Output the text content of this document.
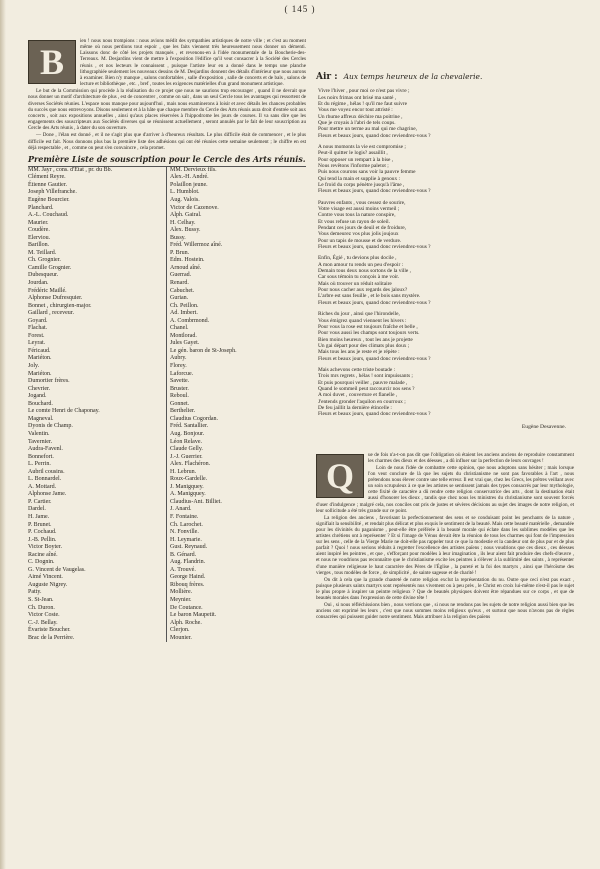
( 145 )
B

ien ! nous nous trompions : nous avions médit des sympathies artistiques de notre ville ; et c'est au moment même où nous perdions tout espoir , que les faits viennent très heureusement nous donner un démenti. Laissons donc de côté les projets manqués , et revenons-en à l'idée monumentale de la Boucherie-des-Terreaux. M. Desjardins vient de mettre à l'exposition l'édifice qu'il veut consacrer à la Société des Cercles réunis , et nos lecteurs le connaissent , puisque l'artiste leur en a donné dans le temps une planche lithographiée seulement les nouveaux dessins de M. Desjardins donnent des détails d'intérieur que nous aurons à examiner. Bien n'y manque , salons confortables , salle d'exposition , salle de concerts et de bals , salons de lecture et bibliothèque , etc. , bref , toutes les exigences matérielles d'un grand monument artistique.

Le but de la Commission qui procède à la réalisation du ce projet que nous ne saurions trop encourager , quand il ne devrait que nous donner un motif d'architecture de plus , est de concentrer , comme on sait , dans un seul Cercle tous les avantages qui ressortent de diverses Sociétés réunies. L'espace nous manque pour aujourd'hui , mais nous examinerons à loisir et avec détails les chances probables du succès que nous entrevoyons. Disons seulement et à la hâte que chaque membre du Cercle des Arts réunis aura droit d'entrée soit aux concerts , soit aux expositions annuelles , ainsi qu'aux places réservées à l'hippodrome les jours de courses. Il va sans dire que les engagements des souscripteurs aux Sociétés diverses qui se réunissent actuellement , seront annulés par le fait de leur souscription au Cercle des Arts réunis , à dater du son ouverture.

— Done , l'élan est donné , et il ne s'agit plus que d'arriver à d'heureux résultats. Le plus difficile était de commencer , et le plus difficile est fait. Nous donnons plus bas la première liste des adhésions qui ont été réunies cette semaine seulement ; le chiffre en est déjà respectable , et , comme on peut s'en convaincre , cela promet.

Première Liste de souscription pour le Cercle des Arts réunis.
MM. Jayr , cons. d'État , pr. du Bb.
Clément Reyre.
Étienne Gautier.
Joseph Villefranche.
Eugène Bourcier.
Planchard.
A.-L. Couchaud.
Maurier.
Coudère.
Elerviou.
Barillon.
M. Teillard.
Ch. Grognier.
Camille Grognier.
Dubesqueur.
Jourdan.
Frédéric Maillé.
Alphonse Dufresquier.
Bonnet , chirurgien-major.
Gaillard , receveur.
Goyard.
Flachat.
Forest.
Leyrat.
Féricaud.
Mariéton.
Joly.
Mariéton.
Dumortier frères.
Chevrier.
Jogand.
Bouchard.
Le comte Henri de Chaponay.
Magneval.
Dyonis de Champ.
Valentin.
Tavernier.
Audra-Favenl.
Bonnefort.
L. Perrin.
Aubril cousins.
L. Bonnardel.
A. Mottard.
Alphonse Jame.
P. Cartier.
Dardel.
H. Jame.
P. Brunet.
P. Cochaud.
J.-B. Pellin.
Victor Boyter.
Racine aîné.
C. Dognin.
G. Vincent de Vaugelas.
Aimé Vincent.
Auguste Nigrey.
Patty.
S. St-Jean.
Ch. Duron.
Victor Coste.
C.-J. Bellay.
Évariste Boucher.
Brac de la Perrière.
MM. Dervieux fils.
Alex.-H. André.
Polaillon jeune.
L. Humblot.
Aug. Valois.
Victor de Cazenove.
Alph. Gairal.
H. Celhay.
Alex. Bussy.
Bussy.
Fréd. Willermoz aîné.
P. Brun.
Edm. Hostein.
Arnoud aîné.
Guerrad.
Renard.
Cabuchet.
Gurian.
Ch. Peillon.
Ad. Imbert.
A. Combrmond.
Chanel.
Montlorad.
Jules Gayet.
Le gén. baron de St-Joseph.
Aubry.
Florey.
Laforcue.
Savette.
Bruster.
Reboul.
Gonnet.
Berthelier.
Claudius Cogordan.
Fréd. Santallier.
Aug. Bonjour.
Léon Relave.
Claude Gelly.
J.-J. Guerrier.
Alex. Flachéron.
H. Lebrun.
Roux-Gardelle.
J. Manigquey.
A. Manigquey.
Claudius-Ant. Billiet.
J. Anard.
F. Fontaine.
Ch. Larochet.
N. Fonville.
H. Leymarie.
Gust. Reynaud.
B. Génard.
Aug. Flandrin.
A. Trouvé.
George Haind.
Ribouq frères.
Mollière.
Meynier.
De Coutance.
Le baron Maupetit.
Alph. Roche.
Clerjon.
Mounier.
Air : Aux temps heureux de la chevalerie.
Vivre l'hiver , pour moi ce n'est pas vivre ;
Les noirs frimas ont brisé ma santé ,
Et du régime , hélas ! qu'il me faut suivre
Vous me voyez encor tout attristé :
Un rhume affreux déchire ma poitrine ,
Que je croyais à l'abri de tels coups.
Pour mettre un terme au mal qui me chagrine,
Fleurs et beaux jours, quand donc reviendrez-vous ?
A nous momonts la vie est compromise ;
Peut-il quitter le logis? assaillit ,
Pour opposer un rempart à la bise ,
Nous revêtons l'informe paletot ;
Puis nous courons sans voir la pauvre femme
Qui tend la main et supplie à genoux :
Le froid du corps pénètre jusqu'à l'âme ,
Fleurs et beaux jours, quand donc reviendrez-vous ?
Pauvres enfants , vous cessez de sourire,
Votre visage est aussi moins vermeil ;
Contre vous tous la nature conspire,
Et vous refuse un rayon de soleil.
Pendant ces jours de deuil et de froidure,
Vous demeurez vos plus jolis joujoux
Pour un tapis de mousse et de verdure.
Fleurs et beaux jours, quand donc reviendrez-vous ?
Enfin, Égié , tu devions plus docile ,
A mon amour tu rends un peu d'espoir :
Demain tous deux nous sortons de la ville ,
Car sous témoin tu conçois à me voir.
Mais où trouver un réduit solitaire
Pour nous cacher aux regards des jaloux?
L'arbre est sans feuille , et le bois sans mystère.
Fleurs et beaux jours, quand donc reviendrez-vous ?
Riches du jour , ainsi que l'hirondelle,
Vous émigrez quand viennent les hivers :
Pour vous la rose est toujours fraîche et belle ,
Pour vous aussi les champs sont toujours verts.
Bien moins heureux , tout les ans je projette
Un gai départ pour des climats plus doux ;
Mais tous les ans je reste et je répète :
Fleurs et beaux jours, quand donc reviendrez-vous ?
Mais achevons cette triste boutade :
Trois mrs regrets , hélas ! sont impuissants ;
Et puis pourquoi veiller , pauvre malade ,
Quand le sommeil peut raccourcir nos sens ?
A moi duvet , couverture et flanelle ,
J'entends gronder l'aquilon en courroux ;
De feu jaillit la dernière étincelle :
Fleurs et beaux jours, quand donc reviendrez-vous ?
Eugène Desavenne.
Q

ue de fois n'a-t-on pas dit que l'obligation où étaient les anciens anciens de reproduire constamment les charmes des dieux et des déesses , a dû influer sur la perfection de leurs ouvrages !

Loin de nous l'idée de combattre cette opinion, que nous adoptons sans hésiter ; mais lorsque l'on veut conclure de là que les sujets du christianisme ne sont pas favorables à l'art , nous prétendons nous élever contre une telle erreur. Il est vrai que, chez les Grecs, les prêtres veillant avec un soin scrupuleux à ce que les artistes se sentissent jamais des types consacrés par leur mythologie, cette fixité de caractère a dû rendre cette religion conservatrice des arts , dont la destination était aussi d'honorer les dieux , tandis que chez nous les ministres du christianisme sont souvent forcés d'user d'indulgence ; malgré cela, nos conciles ont pris de justes et sévères décisions au sujet des images de notre religion, et leur sollicitude a été très grande sur ce point.

La religion des anciens , favorisant la perfectionnement des sens et se conduisant point les penchants de la nature , signifiait la sensibilité , et rendait plus délicat et plus exquis le sentiment de la beauté. Mais cette beauté matérielle , demandée pour les divinités du paganisme , peut-elle être préférée à la beauté morale qui éclate dans les sublimes modèles que les artistes chrétiens ont à représenter ? Et si l'image de Vénus devait être la réunion de tous les charmes qui font de l'impression sur les sens , celle de la Vierge Marie ne doit-elle pas rappeler tout ce que la modestie et la candeur ont de plus pur et de plus parfait ? Quoi ! nous serions réduits à regretter l'excellence des artistes païens ; nous voudrions que ces dieux , ces déesses aient inspiré les peintres , et que , s'efforçant pour modèles à leur imagination , ils leur aient fait produire des chefs-d'œuvre , et nous ne voudrions pas reconnaître que le christianisme excite les peintres à s'élever à la sublimité des saints , à représenter d'une manière religieuse le haut caractère des Pères de l'Église , la pureté et la foi des martyrs , ainsi que l'héroïsme des vierges , tous modèles de force , de simplicité , de sainte sagesse et de charité !

On dit à cela que la grande chasteté de notre religion exclut la représentation du nu. Outre que ceci n'est pas exact , puisque plusieurs saints martyrs sont représentés nus vivement ou à peu près , le Christ en croix lui-même n'est-il pas le sujet le plus propre à inspirer un peintre religieux ? Que de beautés physiques doivent être répandues sur ce corps , et que de beautés morales dans l'expression de cette divine tête !

Oui , si nous réfléchissions bien , nous verrions que , si nous ne rendons pas les sujets de notre religion aussi bien que les anciens ont exprimé les leurs , c'est que nous sommes moins religieux qu'eux , et surtout que nous n'avons pas de règles consacrées qui puissent guider notre sentiment. Mais attribuer à la religion des païens
